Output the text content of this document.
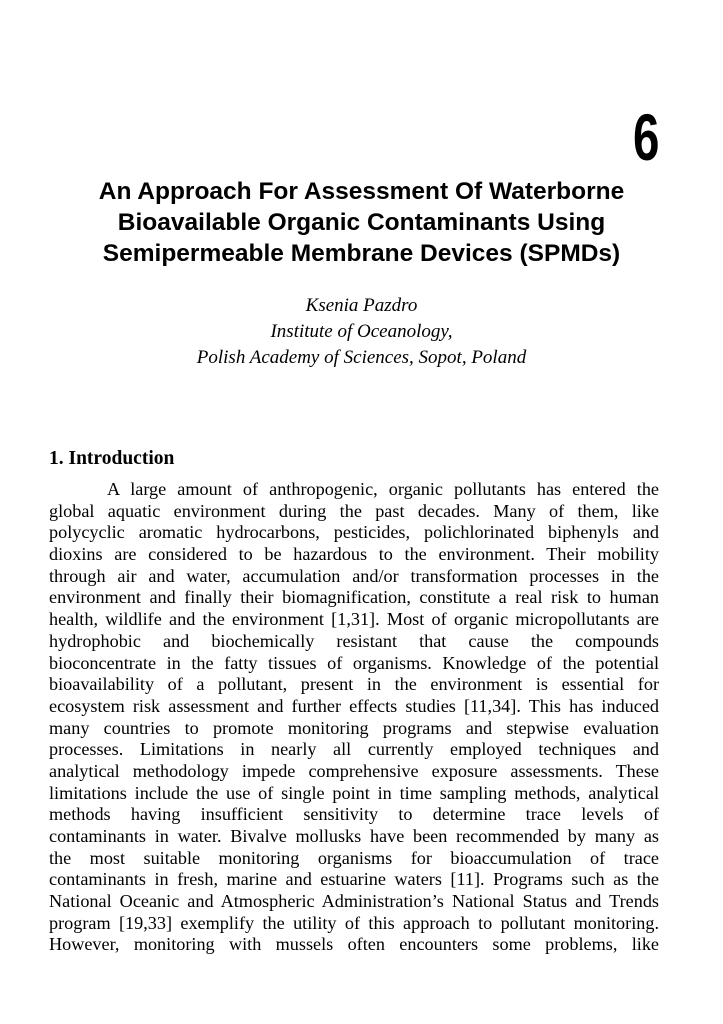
6
An Approach For Assessment Of Waterborne
Bioavailable Organic Contaminants Using
Semipermeable Membrane Devices (SPMDs)
Ksenia Pazdro
Institute of Oceanology,
Polish Academy of Sciences, Sopot, Poland
1. Introduction
A large amount of anthropogenic, organic pollutants has entered the
global aquatic environment during the past decades. Many of them, like
polycyclic aromatic hydrocarbons, pesticides, polichlorinated biphenyls and
dioxins are considered to be hazardous to the environment. Their mobility
through air and water, accumulation and/or transformation processes in the
environment and finally their biomagnification, constitute a real risk to human
health, wildlife and the environment [1,31]. Most of organic micropollutants are
hydrophobic and biochemically resistant that cause the compounds
bioconcentrate in the fatty tissues of organisms. Knowledge of the potential
bioavailability of a pollutant, present in the environment is essential for
ecosystem risk assessment and further effects studies [11,34]. This has induced
many countries to promote monitoring programs and stepwise evaluation
processes. Limitations in nearly all currently employed techniques and
analytical methodology impede comprehensive exposure assessments. These
limitations include the use of single point in time sampling methods, analytical
methods having insufficient sensitivity to determine trace levels of
contaminants in water. Bivalve mollusks have been recommended by many as
the most suitable monitoring organisms for bioaccumulation of trace
contaminants in fresh, marine and estuarine waters [11]. Programs such as the
National Oceanic and Atmospheric Administration’s National Status and Trends
program [19,33] exemplify the utility of this approach to pollutant monitoring.
However, monitoring with mussels often encounters some problems, like
